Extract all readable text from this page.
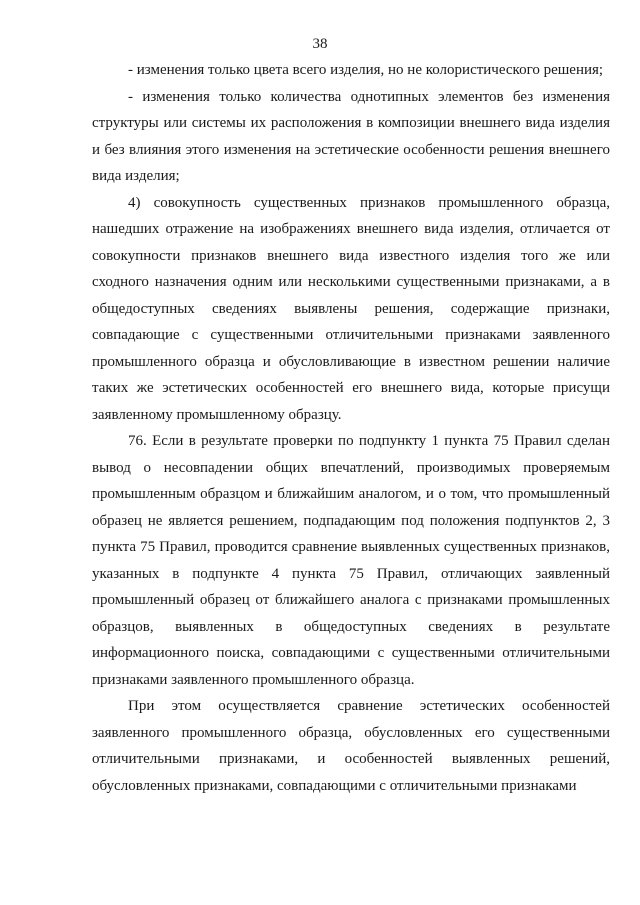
38

- изменения только цвета всего изделия, но не колористического решения;

- изменения только количества однотипных элементов без изменения структуры или системы их расположения в композиции внешнего вида изделия и без влияния этого изменения на эстетические особенности решения внешнего вида изделия;

4) совокупность существенных признаков промышленного образца, нашедших отражение на изображениях внешнего вида изделия, отличается от совокупности признаков внешнего вида известного изделия того же или сходного назначения одним или несколькими существенными признаками, а в общедоступных сведениях выявлены решения, содержащие признаки, совпадающие с существенными отличительными признаками заявленного промышленного образца и обусловливающие в известном решении наличие таких же эстетических особенностей его внешнего вида, которые присущи заявленному промышленному образцу.

76. Если в результате проверки по подпункту 1 пункта 75 Правил сделан вывод о несовпадении общих впечатлений, производимых проверяемым промышленным образцом и ближайшим аналогом, и о том, что промышленный образец не является решением, подпадающим под положения подпунктов 2, 3 пункта 75 Правил, проводится сравнение выявленных существенных признаков, указанных в подпункте 4 пункта 75 Правил, отличающих заявленный промышленный образец от ближайшего аналога с признаками промышленных образцов, выявленных в общедоступных сведениях в результате информационного поиска, совпадающими с существенными отличительными признаками заявленного промышленного образца.

При этом осуществляется сравнение эстетических особенностей заявленного промышленного образца, обусловленных его существенными отличительными признаками, и особенностей выявленных решений, обусловленных признаками, совпадающими с отличительными признаками
